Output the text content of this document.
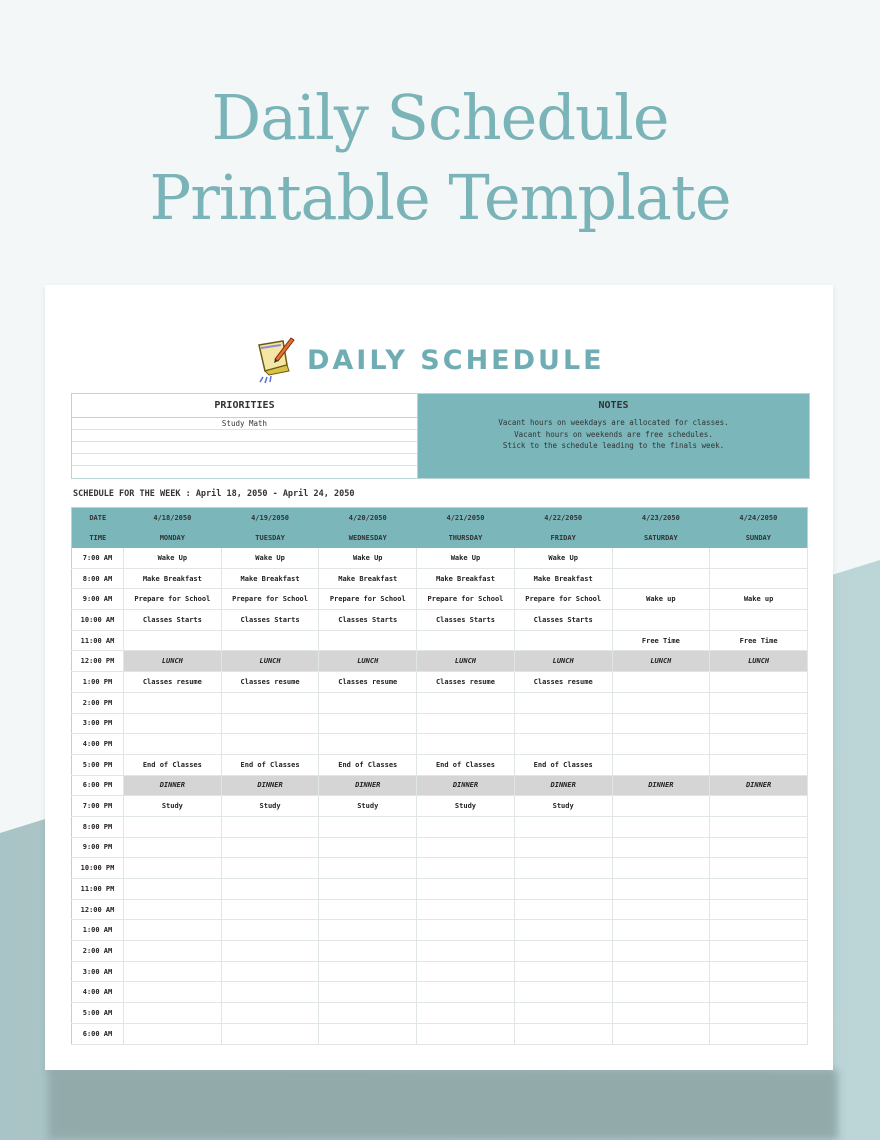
Daily Schedule
Printable Template
DAILY SCHEDULE
PRIORITIES
Study Math
NOTES
Vacant hours on weekdays are allocated for classes.
Vacant hours on weekends are free schedules.
Stick to the schedule leading to the finals week.
SCHEDULE FOR THE WEEK : April 18, 2050 - April 24, 2050
DATE	4/18/2050	4/19/2050	4/20/2050	4/21/2050	4/22/2050	4/23/2050	4/24/2050
TIME	MONDAY	TUESDAY	WEDNESDAY	THURSDAY	FRIDAY	SATURDAY	SUNDAY
7:00 AM	Wake Up	Wake Up	Wake Up	Wake Up	Wake Up		
8:00 AM	Make Breakfast	Make Breakfast	Make Breakfast	Make Breakfast	Make Breakfast		
9:00 AM	Prepare for School	Prepare for School	Prepare for School	Prepare for School	Prepare for School	Wake up	Wake up
10:00 AM	Classes Starts	Classes Starts	Classes Starts	Classes Starts	Classes Starts		
11:00 AM						Free Time	Free Time
12:00 PM	LUNCH	LUNCH	LUNCH	LUNCH	LUNCH	LUNCH	LUNCH
1:00 PM	Classes resume	Classes resume	Classes resume	Classes resume	Classes resume		
2:00 PM							
3:00 PM							
4:00 PM							
5:00 PM	End of Classes	End of Classes	End of Classes	End of Classes	End of Classes		
6:00 PM	DINNER	DINNER	DINNER	DINNER	DINNER	DINNER	DINNER
7:00 PM	Study	Study	Study	Study	Study		
8:00 PM							
9:00 PM							
10:00 PM							
11:00 PM							
12:00 AM							
1:00 AM							
2:00 AM							
3:00 AM							
4:00 AM							
5:00 AM							
6:00 AM							
